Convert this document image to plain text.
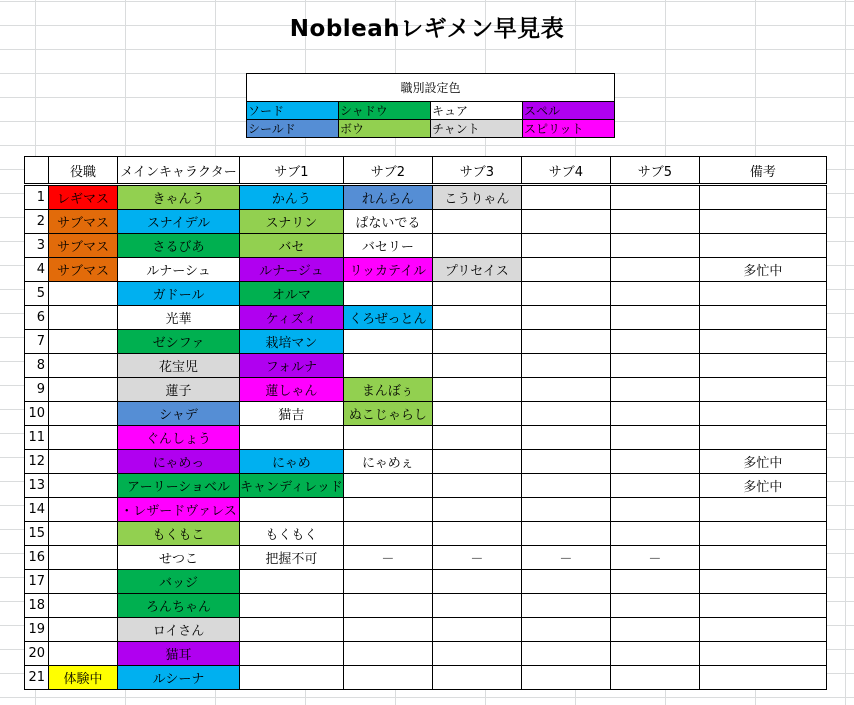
Nobleahレギメン早見表
職別設定色			
ソード	シャドウ	キュア	スペル
シールド	ボウ	チャント	スピリット
	役職	メインキャラクター	サブ1	サブ2	サブ3	サブ4	サブ5	備考
1	レギマス	きゃんう	かんう	れんらん	こうりゃん			
2	サブマス	スナイデル	スナリン	ぱないでる				
3	サブマス	さるびあ	バセ	バセリー				
4	サブマス	ルナーシュ	ルナージュ	リッカテイル	プリセイス			多忙中
5		ガドール	オルマ					
6		光華	ケィズィ	くろぜっとん				
7		ゼシファ	栽培マン					
8		花宝児	フォルナ					
9		蓮子	蓮しゃん	まんぼぅ				
10		シャデ	猫吉	ぬこじゃらし				
11		ぐんしょう						
12		にゃめっ	にゃめ	にゃめぇ				多忙中
13		アーリーショベル	キャンディレッド					多忙中
14		・レザードヴァレス						
15		もくもこ	もくもく					
16		せつこ	把握不可	－	－	－	－	
17		バッジ						
18		ろんちゃん						
19		ロイさん						
20		猫耳						
21	体験中	ルシーナ						
